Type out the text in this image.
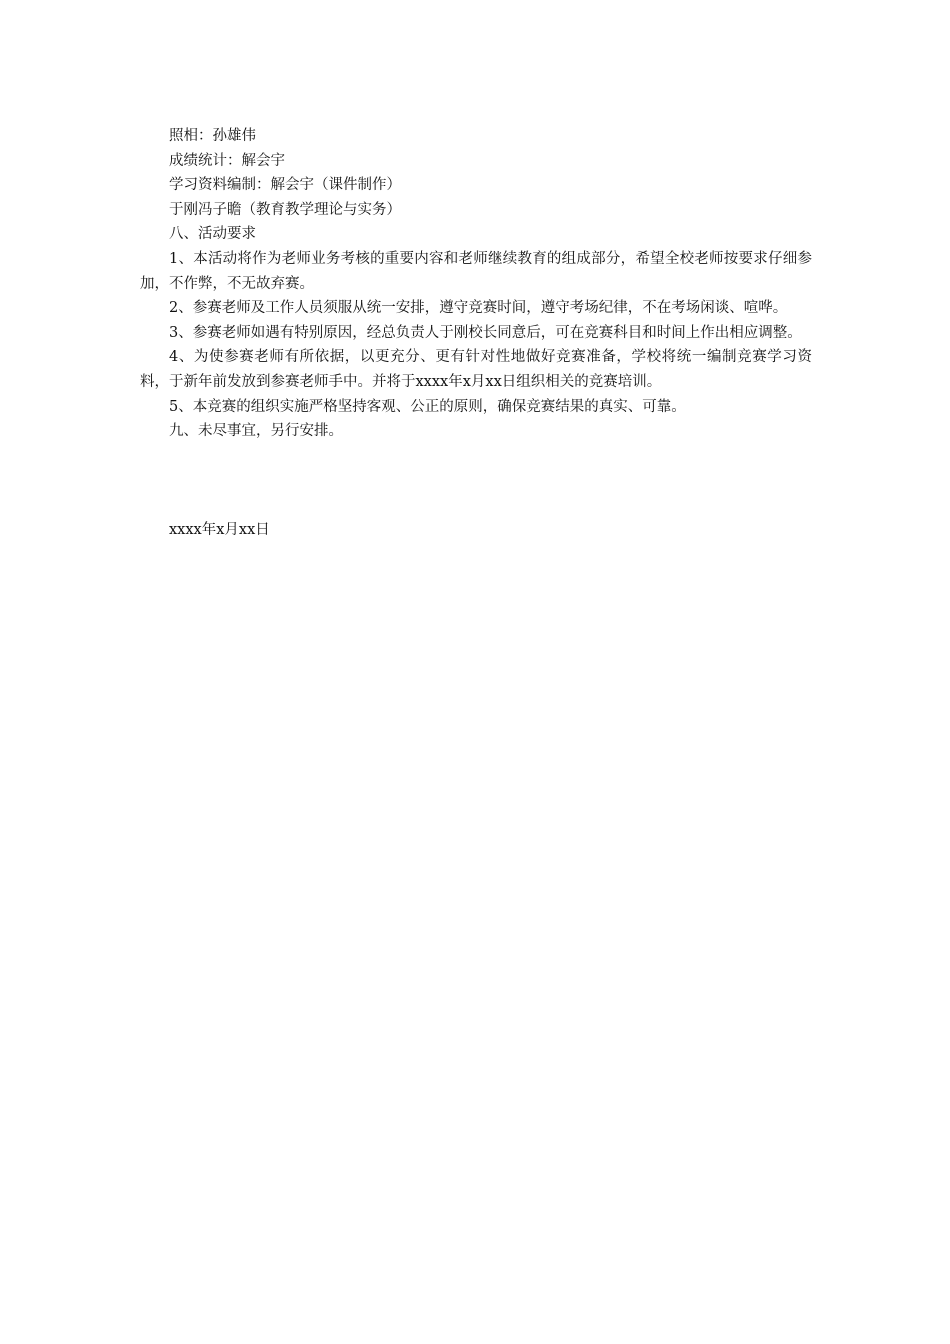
照相：孙雄伟

成绩统计：解会宇

学习资料编制：解会宇（课件制作）

于刚冯子瞻（教育教学理论与实务）

八、活动要求

1、本活动将作为老师业务考核的重要内容和老师继续教育的组成部分，希望全校老师按要求仔细参加，不作弊，不无故弃赛。

2、参赛老师及工作人员须服从统一安排，遵守竞赛时间，遵守考场纪律，不在考场闲谈、喧哗。

3、参赛老师如遇有特别原因，经总负责人于刚校长同意后，可在竞赛科目和时间上作出相应调整。

4、为使参赛老师有所依据，以更充分、更有针对性地做好竞赛准备，学校将统一编制竞赛学习资料，于新年前发放到参赛老师手中。并将于xxxx年x月xx日组织相关的竞赛培训。

5、本竞赛的组织实施严格坚持客观、公正的原则，确保竞赛结果的真实、可靠。

九、未尽事宜，另行安排。

xxxx年x月xx日
